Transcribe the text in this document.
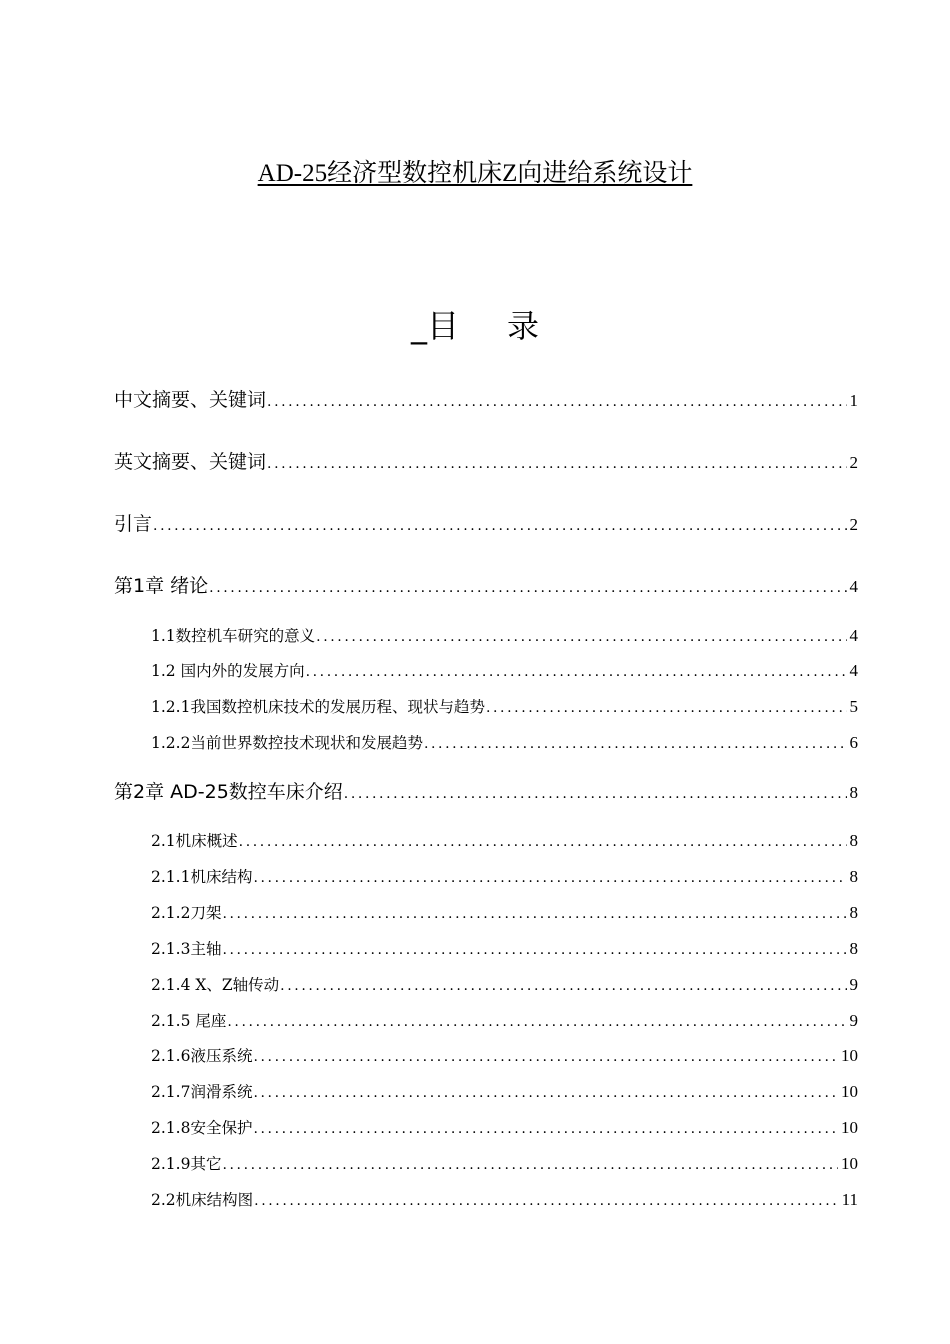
AD-25经济型数控机床Z向进给系统设计
_目 录
中文摘要、关键词 .....	1
英文摘要、关键词 .....	2
引言 .....	2
第1章 绪论 .....	4
1.1数控机车研究的意义 .....	4
1.2 国内外的发展方向 .....	4
1.2.1我国数控机床技术的发展历程、现状与趋势 .....	5
1.2.2当前世界数控技术现状和发展趋势 .....	6
第2章 AD-25数控车床介绍 .....	8
2.1机床概述 .....	8
2.1.1机床结构 .....	8
2.1.2刀架 .....	8
2.1.3主轴 .....	8
2.1.4 X、Z轴传动 .....	9
2.1.5 尾座 .....	9
2.1.6液压系统 .....	10
2.1.7润滑系统 .....	10
2.1.8安全保护 .....	10
2.1.9其它 .....	10
2.2机床结构图 .....	11
